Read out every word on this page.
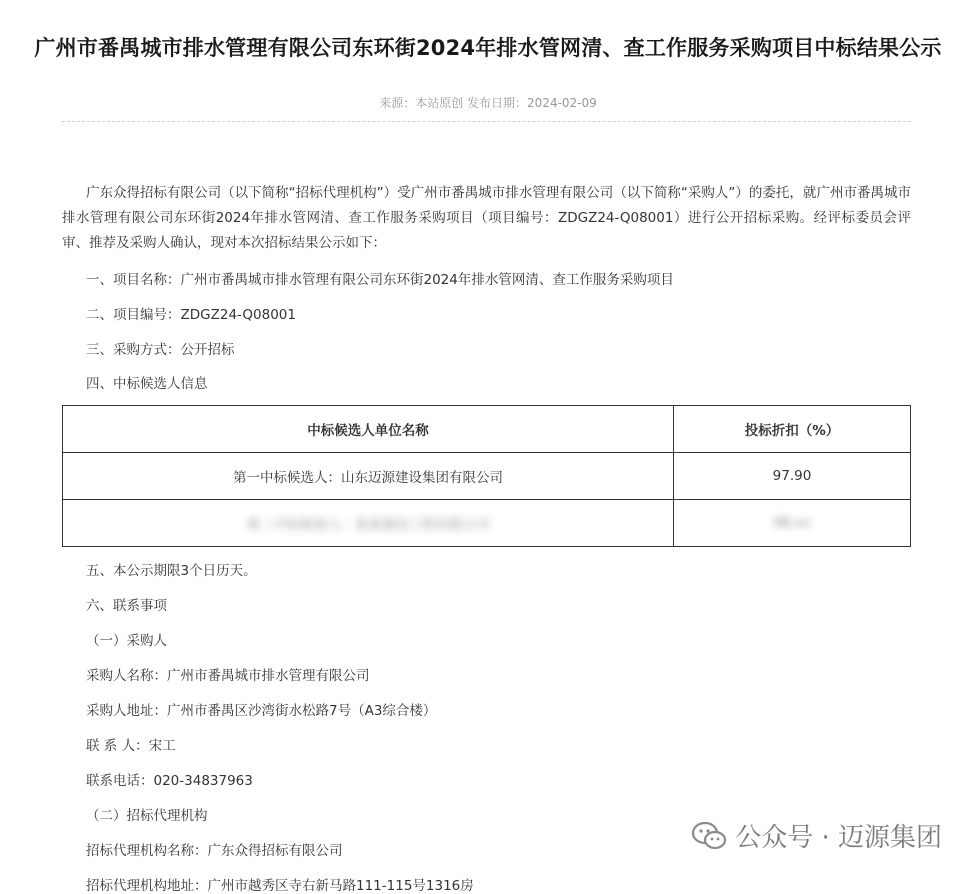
广州市番禺城市排水管理有限公司东环街2024年排水管网清、查工作服务采购项目中标结果公示
来源：本站原创 发布日期：2024-02-09
广东众得招标有限公司（以下简称“招标代理机构”）受广州市番禺城市排水管理有限公司（以下简称“采购人”）的委托，就广州市番禺城市排水管理有限公司东环街2024年排水管网清、查工作服务采购项目（项目编号：ZDGZ24-Q08001）进行公开招标采购。经评标委员会评审、推荐及采购人确认，现对本次招标结果公示如下：
一、项目名称：广州市番禺城市排水管理有限公司东环街2024年排水管网清、查工作服务采购项目
二、项目编号：ZDGZ24-Q08001
三、采购方式：公开招标
四、中标候选人信息
中标候选人单位名称	投标折扣（%）
第一中标候选人：山东迈源建设集团有限公司	97.90
第二中标候选人：某某建设工程有限公司	98.xx
五、本公示期限3个日历天。
六、联系事项
（一）采购人
采购人名称：广州市番禺城市排水管理有限公司
采购人地址：广州市番禺区沙湾街水松路7号（A3综合楼）
联 系 人：宋工
联系电话：020-34837963
（二）招标代理机构
招标代理机构名称：广东众得招标有限公司
招标代理机构地址：广州市越秀区寺右新马路111-115号1316房
公众号 · 迈源集团
